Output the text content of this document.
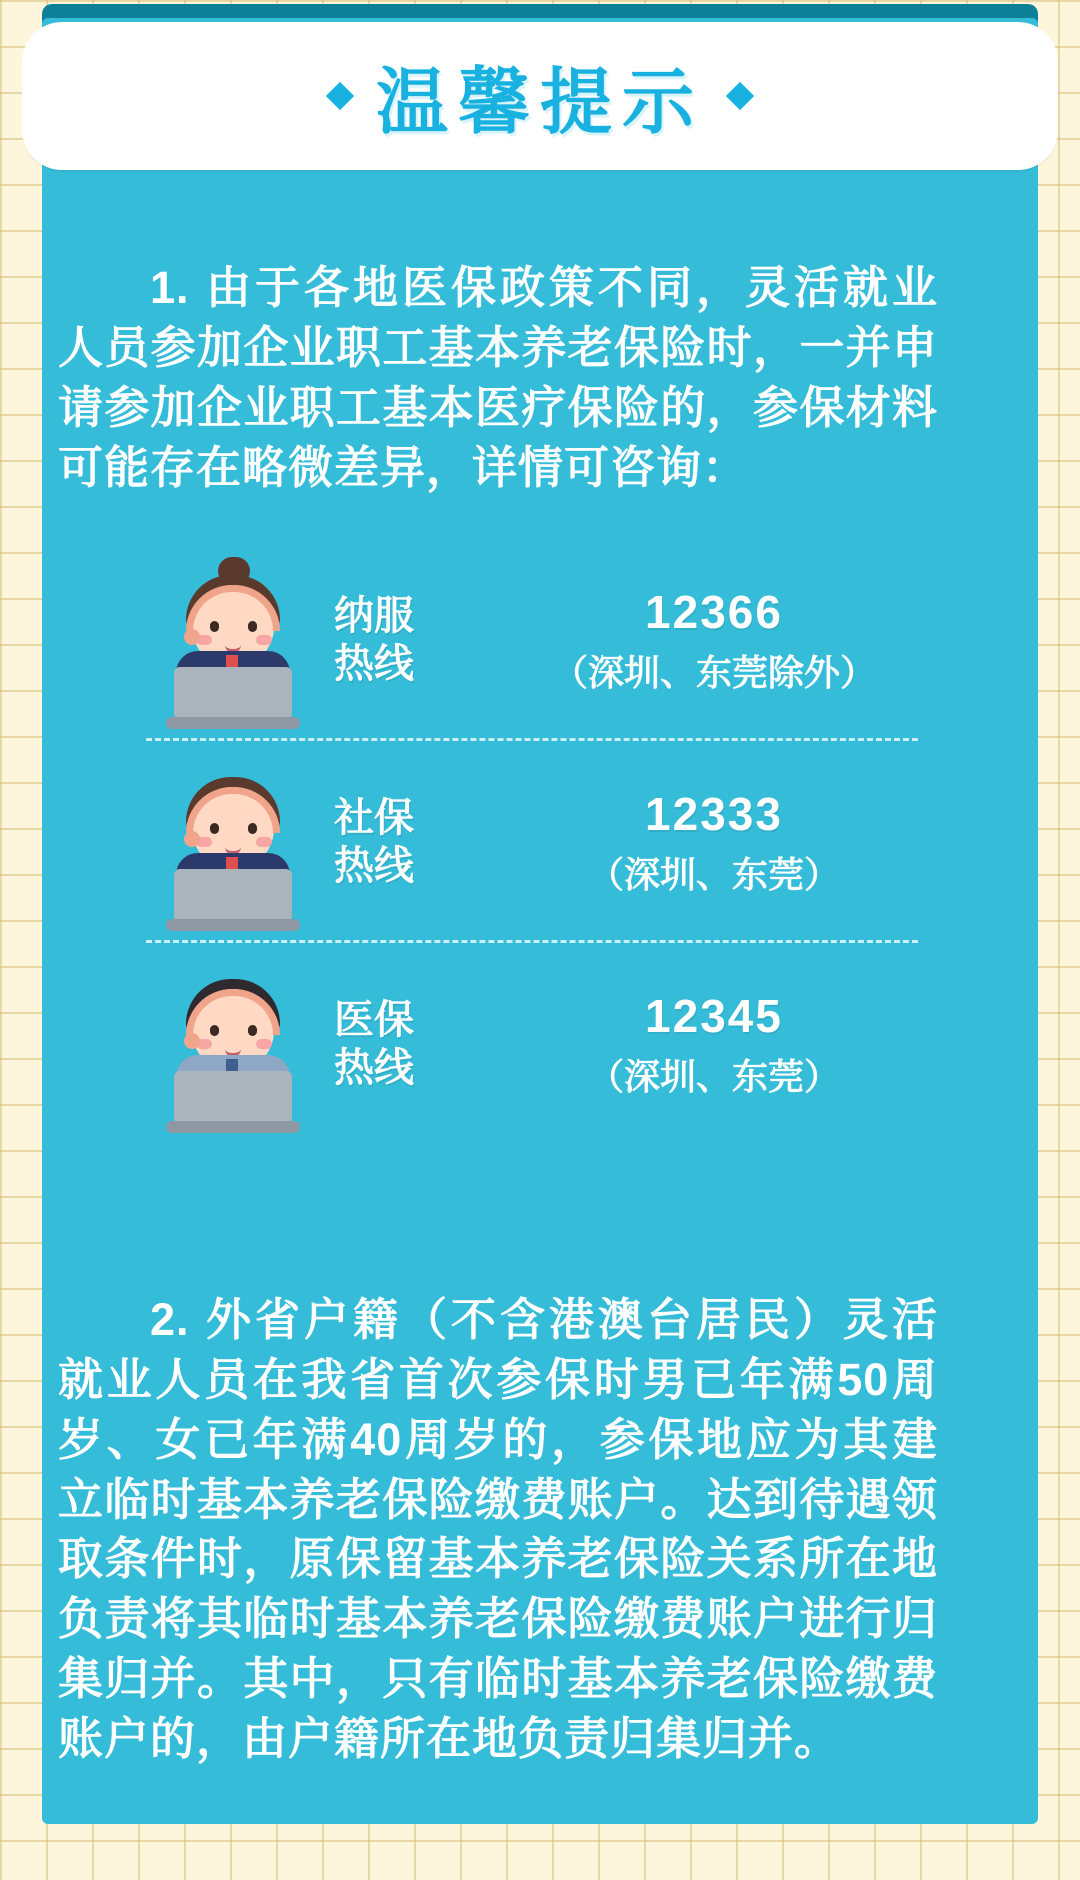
温馨提示
1. 由于各地医保政策不同，灵活就业人员参加企业职工基本养老保险时，一并申请参加企业职工基本医疗保险的，参保材料可能存在略微差异，详情可咨询：
纳服
热线
12366
（深圳、东莞除外）
社保
热线
12333
（深圳、东莞）
医保
热线
12345
（深圳、东莞）
2. 外省户籍（不含港澳台居民）灵活就业人员在我省首次参保时男已年满50周岁、女已年满40周岁的，参保地应为其建立临时基本养老保险缴费账户。达到待遇领取条件时，原保留基本养老保险关系所在地负责将其临时基本养老保险缴费账户进行归集归并。其中，只有临时基本养老保险缴费账户的，由户籍所在地负责归集归并。
